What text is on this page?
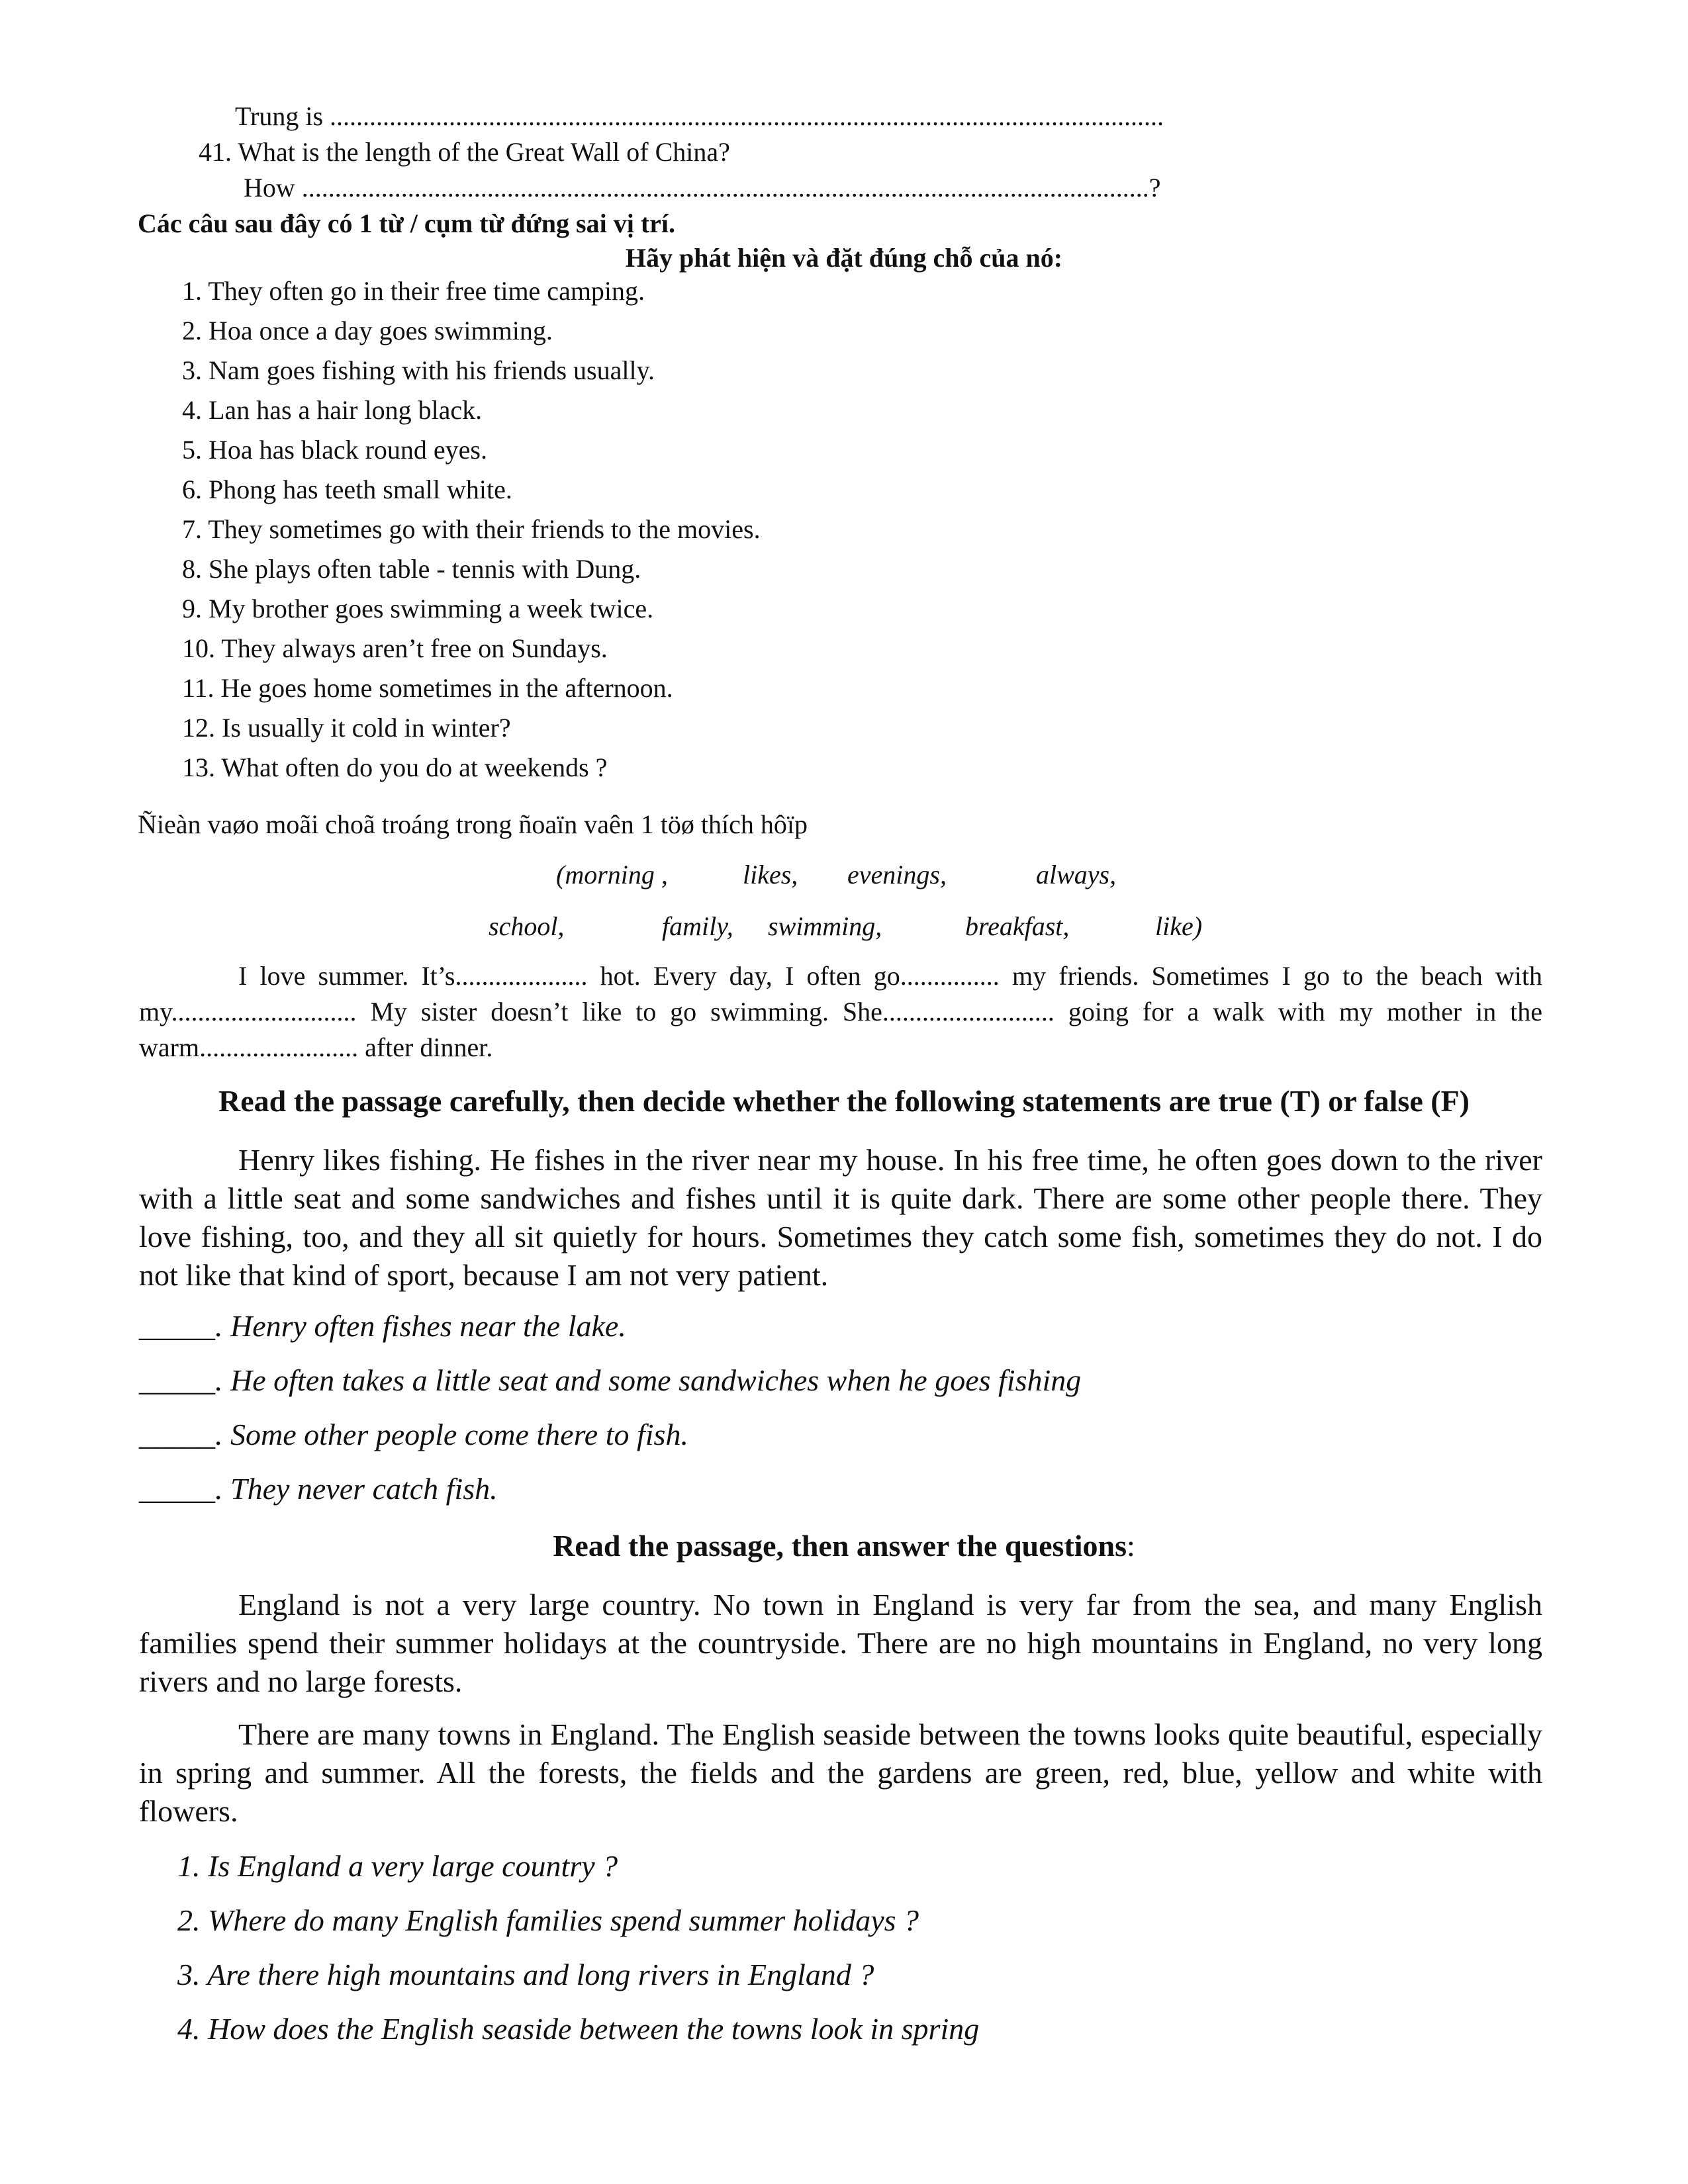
Trung is ..............................................................................................................................
41. What is the length of the Great Wall of China?
How ................................................................................................................................?
Các câu sau đây có 1 từ / cụm từ đứng sai vị trí.
Hãy phát hiện và đặt đúng chỗ của nó:
1. They often go in their free time camping.
2. Hoa once a day goes swimming.
3. Nam goes fishing with his friends usually.
4. Lan has a hair long black.
5. Hoa has black round eyes.
6. Phong has teeth small white.
7. They sometimes go with their friends to the movies.
8. She plays often table - tennis with Dung.
9. My brother goes swimming a week twice.
10. They always aren’t free on Sundays.
11. He goes home sometimes in the afternoon.
12. Is usually it cold in winter?
13. What often do you do at weekends ?
Ñieàn vaøo moãi choã troáng trong ñoaïn vaên 1 töø thích hôïp
(morning ,	likes, evenings,	always,
school,	family, swimming,	breakfast,	like)
I love summer. It’s.................... hot. Every day, I often go............... my friends. Sometimes I go to the beach with my............................ My sister doesn’t like to go swimming. She.......................... going for a walk with my mother in the warm........................ after dinner.
Read the passage carefully, then decide whether the following statements are true (T) or false (F)
Henry likes fishing. He fishes in the river near my house. In his free time, he often goes down to the river with a little seat and some sandwiches and fishes until it is quite dark. There are some other people there. They love fishing, too, and they all sit quietly for hours. Sometimes they catch some fish, sometimes they do not. I do not like that kind of sport, because I am not very patient.
_____. Henry often fishes near the lake.
_____. He often takes a little seat and some sandwiches when he goes fishing
_____. Some other people come there to fish.
_____. They never catch fish.
Read the passage, then answer the questions:
England is not a very large country. No town in England is very far from the sea, and many English families spend their summer holidays at the countryside. There are no high mountains in England, no very long rivers and no large forests.
There are many towns in England. The English seaside between the towns looks quite beautiful, especially in spring and summer. All the forests, the fields and the gardens are green, red, blue, yellow and white with flowers.
1. Is England a very large country ?
2. Where do many English families spend summer holidays ?
3. Are there high mountains and long rivers in England ?
4. How does the English seaside between the towns look in spring
